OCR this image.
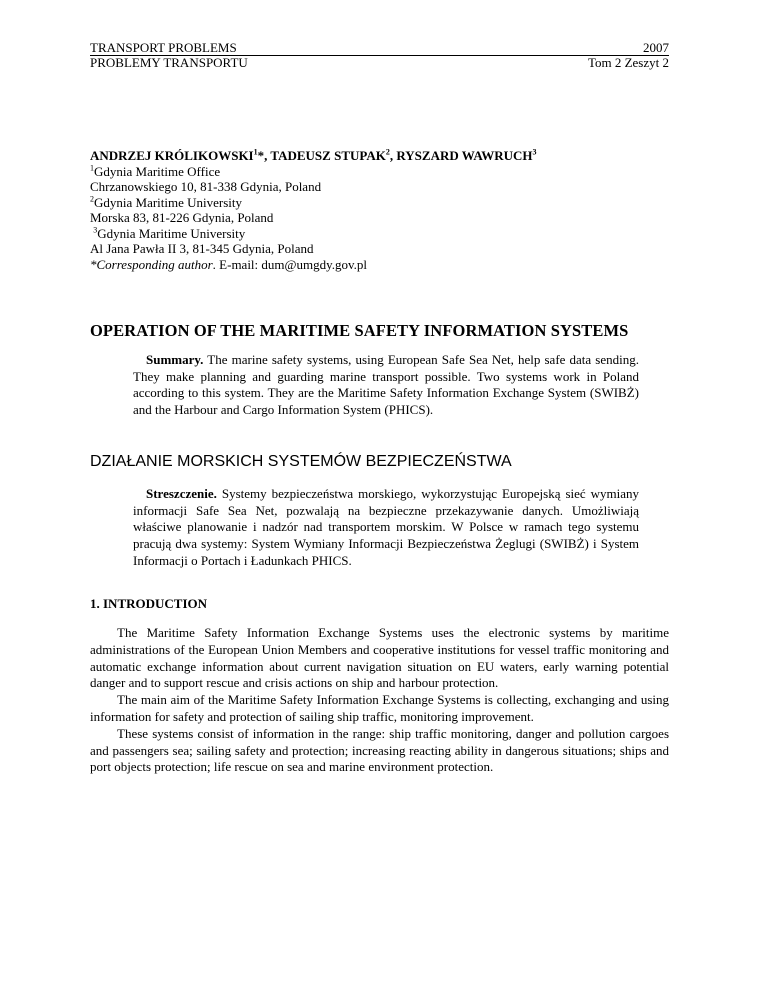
TRANSPORT PROBLEMS	2007
PROBLEMY TRANSPORTU	Tom 2 Zeszyt 2
ANDRZEJ KRÓLIKOWSKI$^1$*, TADEUSZ STUPAK$^2$, RYSZARD WAWRUCH$^3$
$^1$Gdynia Maritime Office
Chrzanowskiego 10, 81-338 Gdynia, Poland
$^2$Gdynia Maritime University
Morska 83, 81-226 Gdynia, Poland
$^3$Gdynia Maritime University
Al Jana Pawła II 3, 81-345 Gdynia, Poland
*Corresponding author. E-mail: dum@umgdy.gov.pl
OPERATION OF THE MARITIME SAFETY INFORMATION SYSTEMS

Summary. The marine safety systems, using European Safe Sea Net, help safe data sending. They make planning and guarding marine transport possible. Two systems work in Poland according to this system. They are the Maritime Safety Information Exchange System (SWIBŻ) and the Harbour and Cargo Information System (PHICS).

DZIAŁANIE MORSKICH SYSTEMÓW BEZPIECZEŃSTWA

Streszczenie. Systemy bezpieczeństwa morskiego, wykorzystując Europejską sieć wymiany informacji Safe Sea Net, pozwalają na bezpieczne przekazywanie danych. Umożliwiają właściwe planowanie i nadzór nad transportem morskim. W Polsce w ramach tego systemu pracują dwa systemy: System Wymiany Informacji Bezpieczeństwa Żeglugi (SWIBŻ) i System Informacji o Portach i Ładunkach PHICS.

1. INTRODUCTION

The Maritime Safety Information Exchange Systems uses the electronic systems by maritime administrations of the European Union Members and cooperative institutions for vessel traffic monitoring and automatic exchange information about current navigation situation on EU waters, early warning potential danger and to support rescue and crisis actions on ship and harbour protection.

The main aim of the Maritime Safety Information Exchange Systems is collecting, exchanging and using information for safety and protection of sailing ship traffic, monitoring improvement.

These systems consist of information in the range: ship traffic monitoring, danger and pollution cargoes and passengers sea; sailing safety and protection; increasing reacting ability in dangerous situations; ships and port objects protection; life rescue on sea and marine environment protection.
